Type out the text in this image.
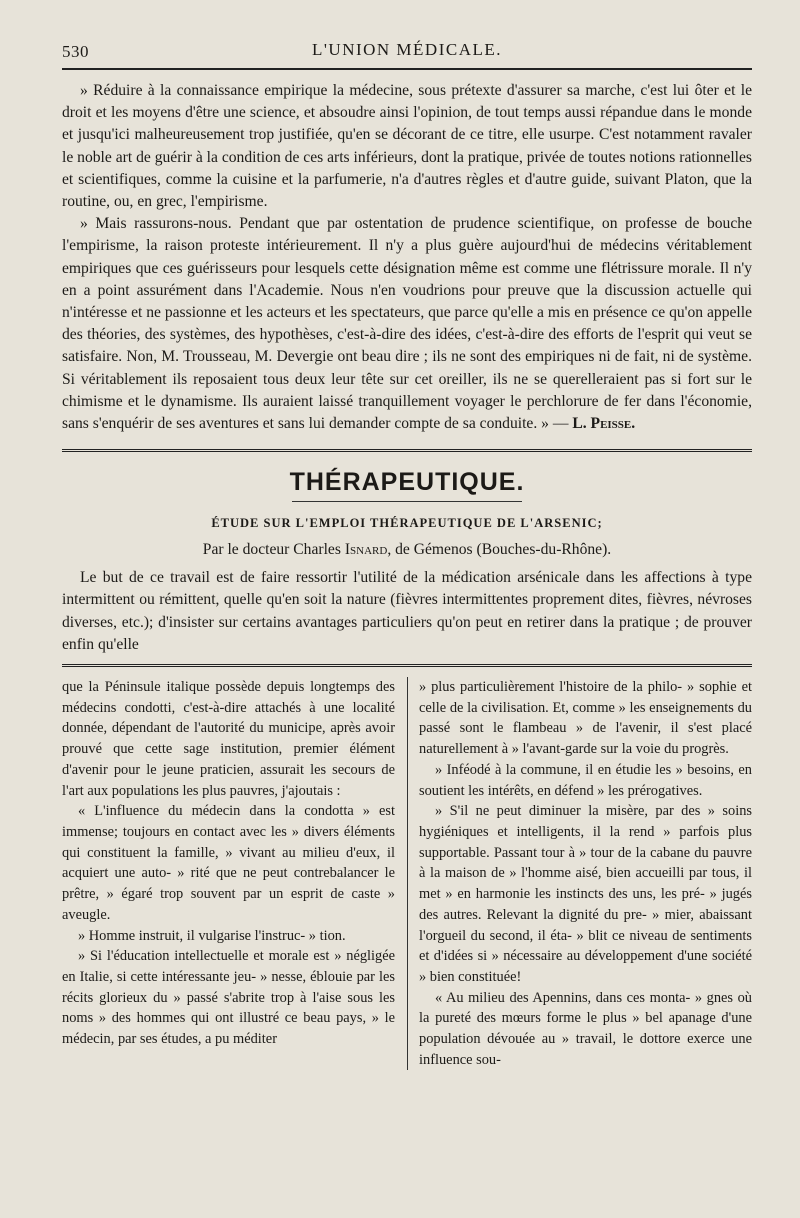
530	L'UNION MÉDICALE.

» Réduire à la connaissance empirique la médecine, sous prétexte d'assurer sa marche, c'est lui ôter et le droit et les moyens d'être une science, et absoudre ainsi l'opinion, de tout temps aussi répandue dans le monde et jusqu'ici malheureusement trop justifiée, qu'en se décorant de ce titre, elle usurpe. C'est notamment ravaler le noble art de guérir à la condition de ces arts inférieurs, dont la pratique, privée de toutes notions rationnelles et scientifiques, comme la cuisine et la parfumerie, n'a d'autres règles et d'autre guide, suivant Platon, que la routine, ou, en grec, l'empirisme.

» Mais rassurons-nous. Pendant que par ostentation de prudence scientifique, on professe de bouche l'empirisme, la raison proteste intérieurement. Il n'y a plus guère aujourd'hui de médecins véritablement empiriques que ces guérisseurs pour lesquels cette désignation même est comme une flétrissure morale. Il n'y en a point assurément dans l'Academie. Nous n'en voudrions pour preuve que la discussion actuelle qui n'intéresse et ne passionne et les acteurs et les spectateurs, que parce qu'elle a mis en présence ce qu'on appelle des théories, des systèmes, des hypothèses, c'est-à-dire des idées, c'est-à-dire des efforts de l'esprit qui veut se satisfaire. Non, M. Trousseau, M. Devergie ont beau dire ; ils ne sont des empiriques ni de fait, ni de système. Si véritablement ils reposaient tous deux leur tête sur cet oreiller, ils ne se querelleraient pas si fort sur le chimisme et le dynamisme. Ils auraient laissé tranquillement voyager le perchlorure de fer dans l'économie, sans s'enquérir de ses aventures et sans lui demander compte de sa conduite. » — L. Peisse.

THÉRAPEUTIQUE.
ÉTUDE SUR L'EMPLOI THÉRAPEUTIQUE DE L'ARSENIC;
Par le docteur Charles Isnard, de Gémenos (Bouches-du-Rhône).

Le but de ce travail est de faire ressortir l'utilité de la médication arsénicale dans les affections à type intermittent ou rémittent, quelle qu'en soit la nature (fièvres intermittentes proprement dites, fièvres, névroses diverses, etc.); d'insister sur certains avantages particuliers qu'on peut en retirer dans la pratique ; de prouver enfin qu'elle

que la Péninsule italique possède depuis longtemps des médecins condotti, c'est-à-dire attachés à une localité donnée, dépendant de l'autorité du municipe, après avoir prouvé que cette sage institution, premier élément d'avenir pour le jeune praticien, assurait les secours de l'art aux populations les plus pauvres, j'ajoutais :

« L'influence du médecin dans la condotta » est immense; toujours en contact avec les » divers éléments qui constituent la famille, » vivant au milieu d'eux, il acquiert une auto- » rité que ne peut contrebalancer le prêtre, » égaré trop souvent par un esprit de caste » aveugle.

» Homme instruit, il vulgarise l'instruc- » tion.

» Si l'éducation intellectuelle et morale est » négligée en Italie, si cette intéressante jeu- » nesse, éblouie par les récits glorieux du » passé s'abrite trop à l'aise sous les noms » des hommes qui ont illustré ce beau pays, » le médecin, par ses études, a pu méditer

» plus particulièrement l'histoire de la philo- » sophie et celle de la civilisation. Et, comme » les enseignements du passé sont le flambeau » de l'avenir, il s'est placé naturellement à » l'avant-garde sur la voie du progrès.

» Inféodé à la commune, il en étudie les » besoins, en soutient les intérêts, en défend » les prérogatives.

» S'il ne peut diminuer la misère, par des » soins hygiéniques et intelligents, il la rend » parfois plus supportable. Passant tour à » tour de la cabane du pauvre à la maison de » l'homme aisé, bien accueilli par tous, il met » en harmonie les instincts des uns, les pré- » jugés des autres. Relevant la dignité du pre- » mier, abaissant l'orgueil du second, il éta- » blit ce niveau de sentiments et d'idées si » nécessaire au développement d'une société » bien constituée!

« Au milieu des Apennins, dans ces monta- » gnes où la pureté des mœurs forme le plus » bel apanage d'une population dévouée au » travail, le dottore exerce une influence sou-
